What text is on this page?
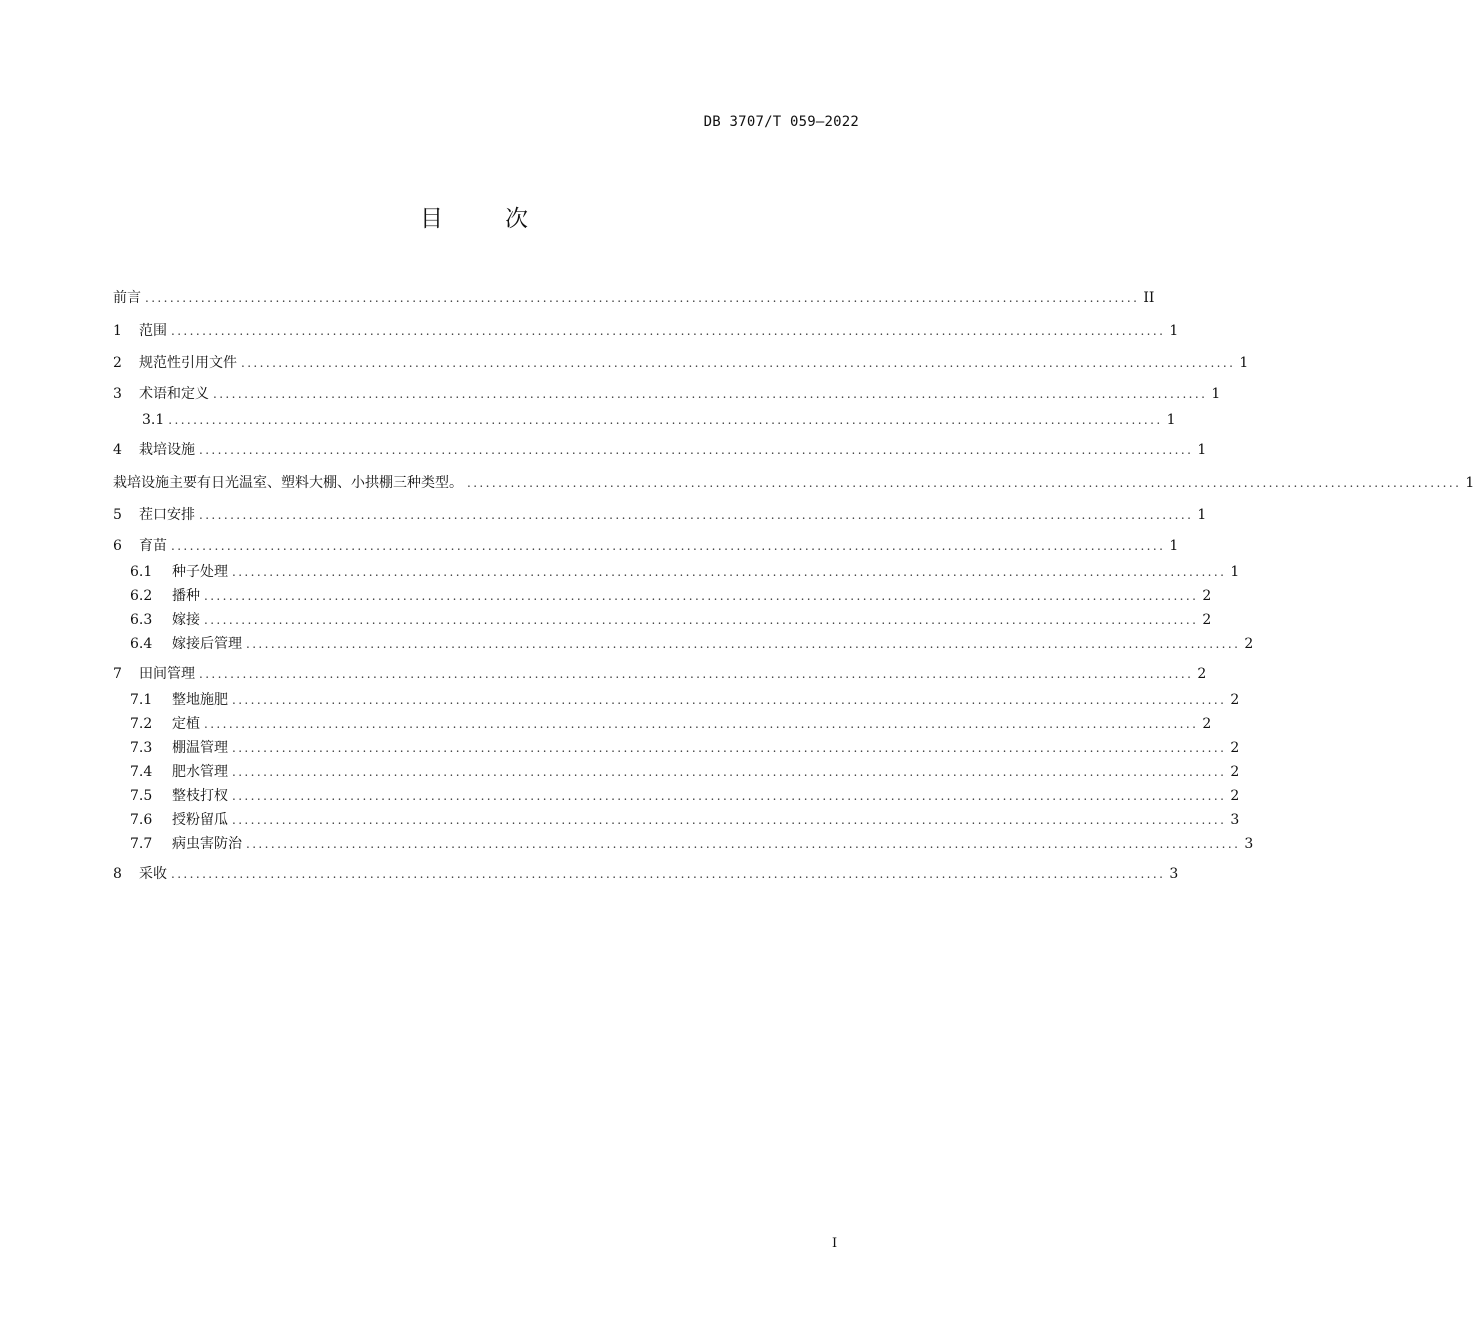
DB 3707/T 059—2022
目	次
前言 ................................................................................................................................................................ II
1	范围 ................................................................................................................................................................ 1
2	规范性引用文件 ................................................................................................................................................................ 1
3	术语和定义 ................................................................................................................................................................ 1
3.1 ................................................................................................................................................................ 1
4	栽培设施 ................................................................................................................................................................ 1
栽培设施主要有日光温室、塑料大棚、小拱棚三种类型。 ................................................................................................................................................................ 1
5	茬口安排 ................................................................................................................................................................ 1
6	育苗 ................................................................................................................................................................ 1
6.1	种子处理 ................................................................................................................................................................ 1
6.2	播种 ................................................................................................................................................................ 2
6.3	嫁接 ................................................................................................................................................................ 2
6.4	嫁接后管理 ................................................................................................................................................................ 2
7	田间管理 ................................................................................................................................................................ 2
7.1	整地施肥 ................................................................................................................................................................ 2
7.2	定植 ................................................................................................................................................................ 2
7.3	棚温管理 ................................................................................................................................................................ 2
7.4	肥水管理 ................................................................................................................................................................ 2
7.5	整枝打杈 ................................................................................................................................................................ 2
7.6	授粉留瓜 ................................................................................................................................................................ 3
7.7	病虫害防治 ................................................................................................................................................................ 3
8	采收 ................................................................................................................................................................ 3
I
